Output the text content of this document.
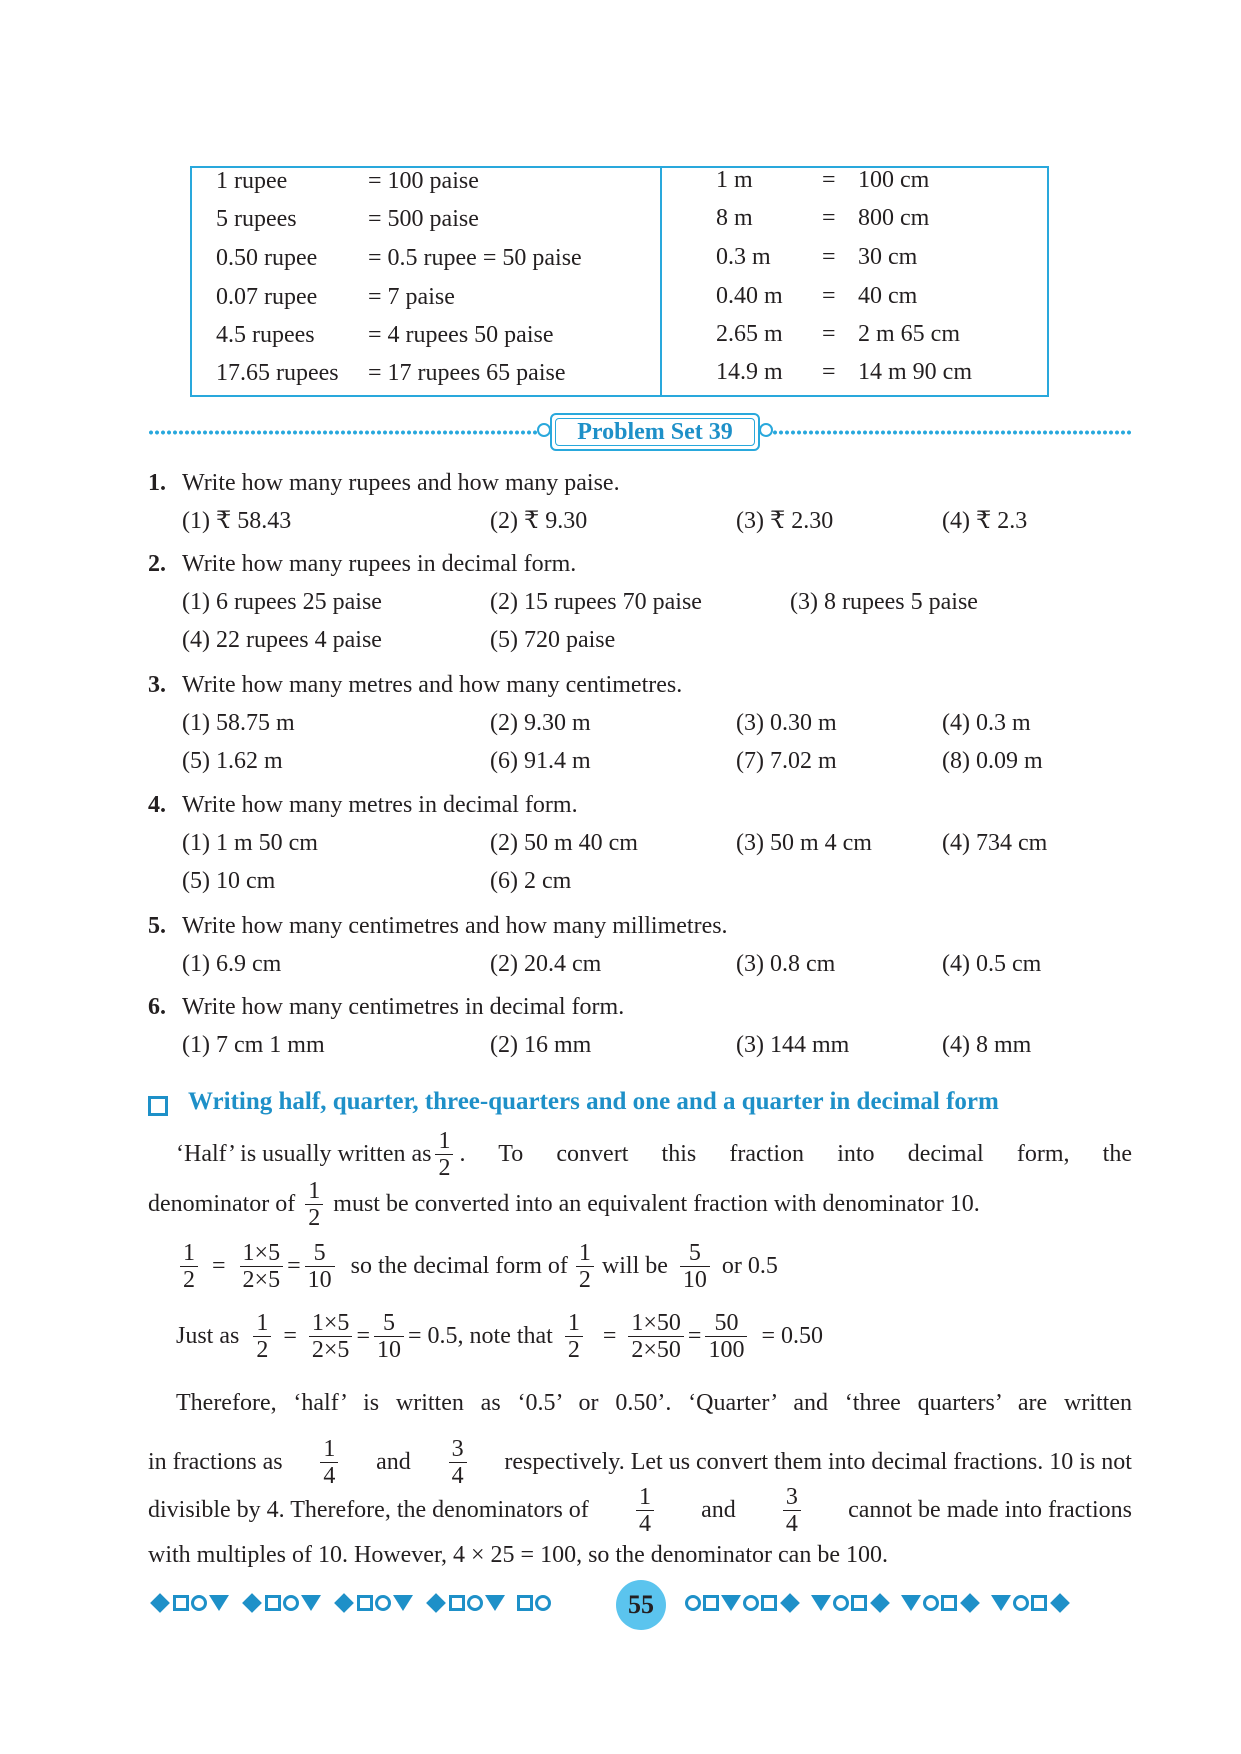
1 rupee	= 100 paise
5 rupees	= 500 paise
0.50 rupee = 0.5 rupee = 50 paise
0.07 rupee = 7 paise
4.5 rupees = 4 rupees 50 paise
17.65 rupees = 17 rupees 65 paise
1 m	= 100 cm
8 m	= 800 cm
0.3 m = 30 cm
0.40 m = 40 cm
2.65 m = 2 m 65 cm
14.9 m = 14 m 90 cm
Problem Set 39
1. Write how many rupees and how many paise.
(1) ₹ 58.43	(2) ₹ 9.30	(3) ₹ 2.30	(4) ₹ 2.3
2. Write how many rupees in decimal form.
(1) 6 rupees 25 paise	(2) 15 rupees 70 paise	(3) 8 rupees 5 paise
(4) 22 rupees 4 paise	(5) 720 paise
3. Write how many metres and how many centimetres.
(1) 58.75 m	(2) 9.30 m	(3) 0.30 m	(4) 0.3 m
(5) 1.62 m	(6) 91.4 m	(7) 7.02 m	(8) 0.09 m
4. Write how many metres in decimal form.
(1) 1 m 50 cm	(2) 50 m 40 cm	(3) 50 m 4 cm	(4) 734 cm
(5) 10 cm	(6) 2 cm
5. Write how many centimetres and how many millimetres.
(1) 6.9 cm	(2) 20.4 cm	(3) 0.8 cm	(4) 0.5 cm
6. Write how many centimetres in decimal form.
(1) 7 cm 1 mm	(2) 16 mm	(3) 144 mm	(4) 8 mm
Writing half, quarter, three-quarters and one and a quarter in decimal form
‘Half’ is usually written as $\frac{1}{2}$ . To convert this fraction into decimal form, the
denominator of $\frac{1}{2}$ must be converted into an equivalent fraction with denominator 10.
$\frac{1}{2} = \frac{1\times 5}{2\times 5} = \frac{5}{10}$ so the decimal form of $\frac{1}{2}$ will be $\frac{5}{10}$ or 0.5
Just as $\frac{1}{2} = \frac{1\times 5}{2\times 5} = \frac{5}{10} = 0.5$, note that $\frac{1}{2} = \frac{1\times 50}{2\times 50} = \frac{50}{100} = 0.50$
Therefore, ‘half’ is written as ‘0.5’ or 0.50’. ‘Quarter’ and ‘three quarters’ are written
in fractions as $\frac{1}{4}$ and $\frac{3}{4}$ respectively. Let us convert them into decimal fractions. 10 is not
divisible by 4. Therefore, the denominators of $\frac{1}{4}$ and $\frac{3}{4}$ cannot be made into fractions
with multiples of 10. However, 4 × 25 = 100, so the denominator can be 100.
55
